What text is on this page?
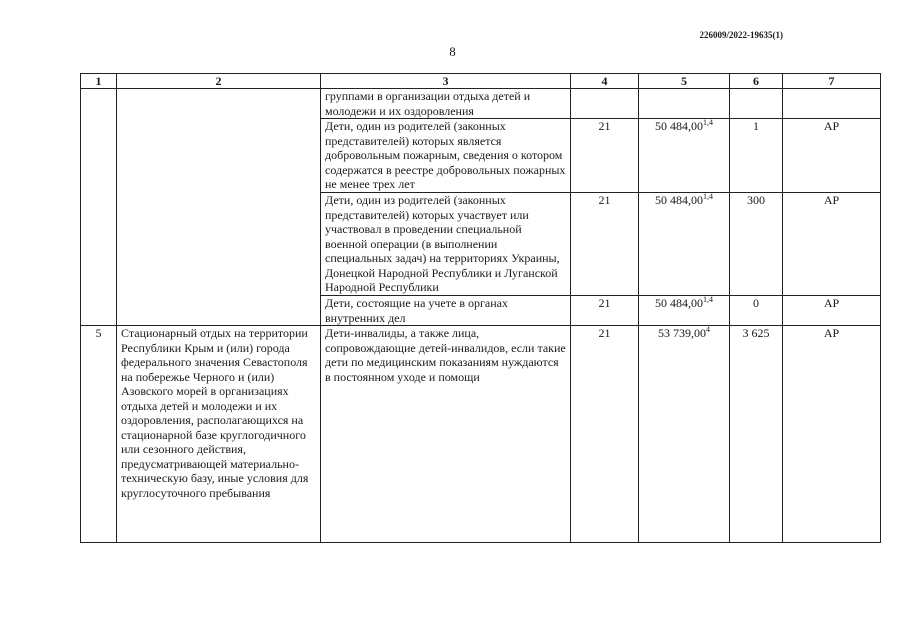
226009/2022-19635(1)
8
1	2	3	4	5	6	7
		группами в организации отдыха детей и молодежи и их оздоровления				
		Дети, один из родителей (законных представителей) которых является добровольным пожарным, сведения о котором содержатся в реестре добровольных пожарных не менее трех лет	21	50 484,00$^{1,4}$	1	АР
		Дети, один из родителей (законных представителей) которых участвует или участвовал в проведении специальной военной операции (в выполнении специальных задач) на территориях Украины, Донецкой Народной Республики и Луганской Народной Республики	21	50 484,00$^{1,4}$	300	АР
		Дети, состоящие на учете в органах внутренних дел	21	50 484,00$^{1,4}$	0	АР
5	Стационарный отдых на территории Республики Крым и (или) города федерального значения Севастополя на побережье Черного и (или) Азовского морей в организациях отдыха детей и молодежи и их оздоровления, располагающихся на стационарной базе круглогодичного или сезонного действия, предусматривающей материально-техническую базу, иные условия для круглосуточного пребывания	Дети-инвалиды, а также лица, сопровождающие детей-инвалидов, если такие дети по медицинским показаниям нуждаются в постоянном уходе и помощи	21	53 739,00$^4$	3 625	АР
